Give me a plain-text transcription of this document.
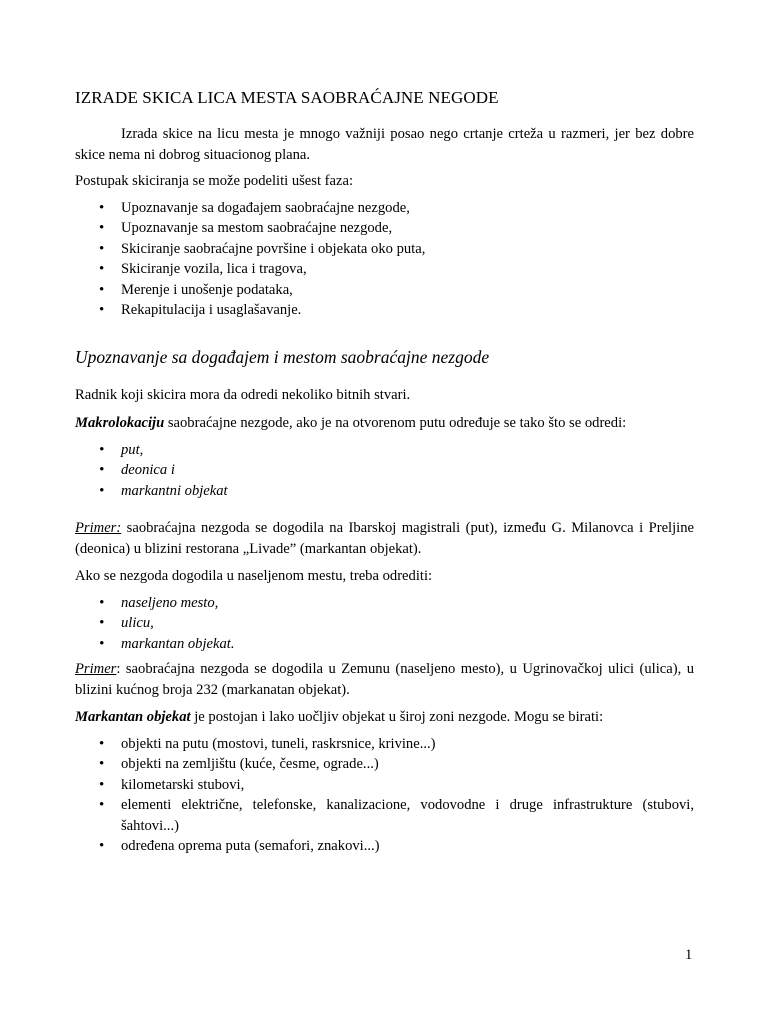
IZRADE SKICA LICA MESTA SAOBRAĆAJNE NEGODE

Izrada skice na licu mesta je mnogo važniji posao nego crtanje crteža u razmeri, jer bez dobre skice nema ni dobrog situacionog plana.

Postupak skiciranja se može podeliti ušest faza:

• Upoznavanje sa događajem saobraćajne nezgode,
• Upoznavanje sa mestom saobraćajne nezgode,
• Skiciranje saobraćajne površine i objekata oko puta,
• Skiciranje vozila, lica i tragova,
• Merenje i unošenje podataka,
• Rekapitulacija i usaglašavanje.
Upoznavanje sa događajem i mestom saobraćajne nezgode

Radnik koji skicira mora da odredi nekoliko bitnih stvari.

Makrolokaciju saobraćajne nezgode, ako je na otvorenom putu određuje se tako što se odredi:

• put,
• deonica i
• markantni objekat

Primer: saobraćajna nezgoda se dogodila na Ibarskoj magistrali (put), između G. Milanovca i Preljine (deonica) u blizini restorana „Livade” (markantan objekat).

Ako se nezgoda dogodila u naseljenom mestu, treba odrediti:

• naseljeno mesto,
• ulicu,
• markantan objekat.

Primer: saobraćajna nezgoda se dogodila u Zemunu (naseljeno mesto), u Ugrinovačkoj ulici (ulica), u blizini kućnog broja 232 (markanatan objekat).

Markantan objekat je postojan i lako uočljiv objekat u široj zoni nezgode. Mogu se birati:

• objekti na putu (mostovi, tuneli, raskrsnice, krivine...)
• objekti na zemljištu (kuće, česme, ograde...)
• kilometarski stubovi,
• elementi električne, telefonske, kanalizacione, vodovodne i druge infrastrukture (stubovi, šahtovi...)
• određena oprema puta (semafori, znakovi...)
1
